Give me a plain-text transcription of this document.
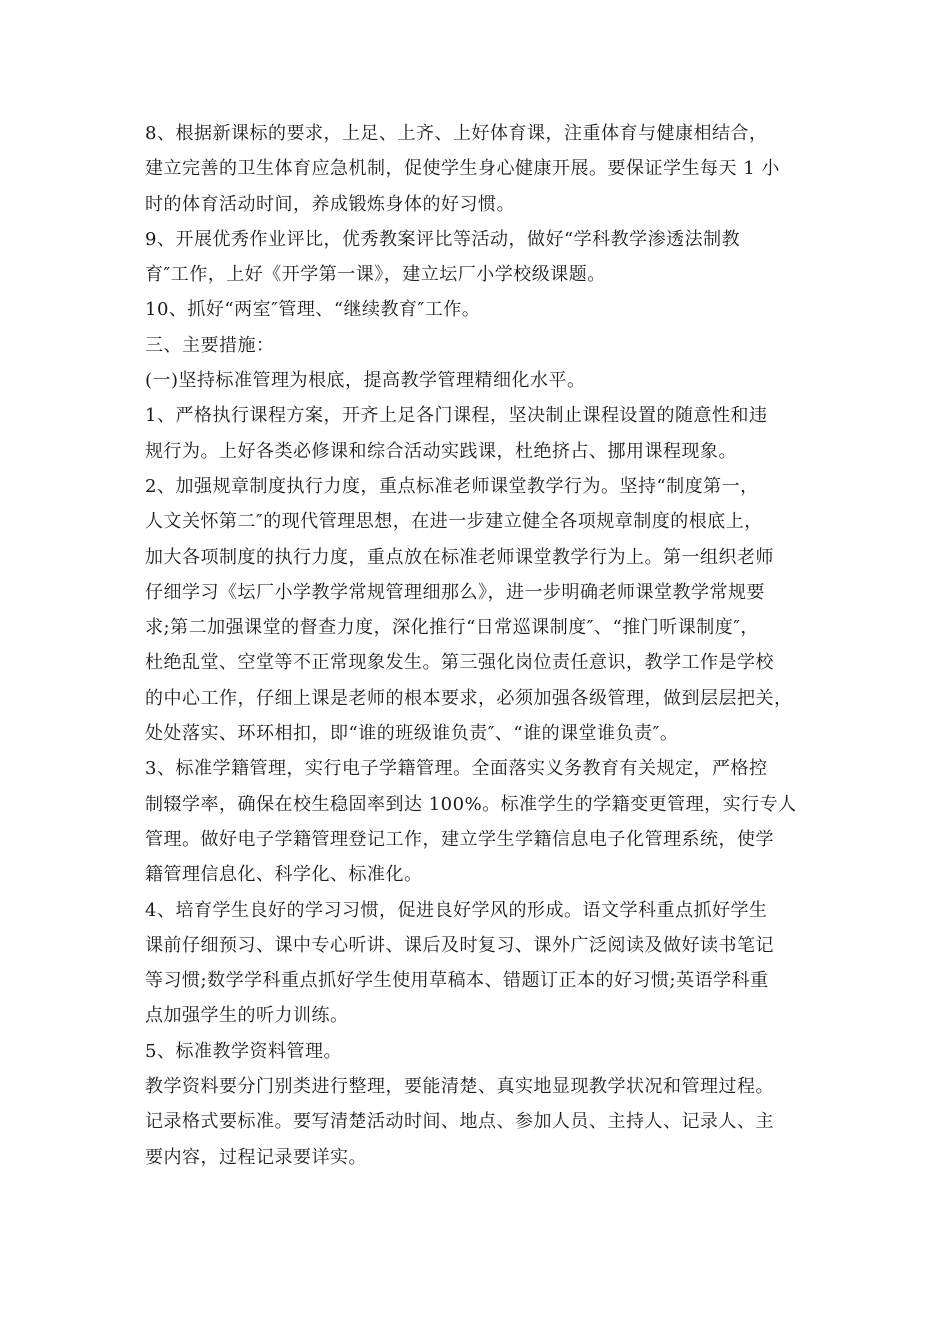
8、根据新课标的要求，上足、上齐、上好体育课，注重体育与健康相结合，
建立完善的卫生体育应急机制，促使学生身心健康开展。要保证学生每天 1 小
时的体育活动时间，养成锻炼身体的好习惯。
9、开展优秀作业评比，优秀教案评比等活动，做好“学科教学渗透法制教
育″工作，上好《开学第一课》，建立坛厂小学校级课题。
10、抓好“两室″管理、“继续教育″工作。
三、主要措施：
(一)坚持标准管理为根底，提高教学管理精细化水平。
1、严格执行课程方案，开齐上足各门课程，坚决制止课程设置的随意性和违
规行为。上好各类必修课和综合活动实践课，杜绝挤占、挪用课程现象。
2、加强规章制度执行力度，重点标准老师课堂教学行为。坚持“制度第一，
人文关怀第二″的现代管理思想，在进一步建立健全各项规章制度的根底上，
加大各项制度的执行力度，重点放在标准老师课堂教学行为上。第一组织老师
仔细学习《坛厂小学教学常规管理细那么》，进一步明确老师课堂教学常规要
求;第二加强课堂的督查力度，深化推行“日常巡课制度″、“推门听课制度″，
杜绝乱堂、空堂等不正常现象发生。第三强化岗位责任意识，教学工作是学校
的中心工作，仔细上课是老师的根本要求，必须加强各级管理，做到层层把关，
处处落实、环环相扣，即“谁的班级谁负责″、“谁的课堂谁负责″。
3、标准学籍管理，实行电子学籍管理。全面落实义务教育有关规定，严格控
制辍学率，确保在校生稳固率到达 100%。标准学生的学籍变更管理，实行专人
管理。做好电子学籍管理登记工作，建立学生学籍信息电子化管理系统，使学
籍管理信息化、科学化、标准化。
4、培育学生良好的学习习惯，促进良好学风的形成。语文学科重点抓好学生
课前仔细预习、课中专心听讲、课后及时复习、课外广泛阅读及做好读书笔记
等习惯;数学学科重点抓好学生使用草稿本、错题订正本的好习惯;英语学科重
点加强学生的听力训练。
5、标准教学资料管理。
教学资料要分门别类进行整理，要能清楚、真实地显现教学状况和管理过程。
记录格式要标准。要写清楚活动时间、地点、参加人员、主持人、记录人、主
要内容，过程记录要详实。
